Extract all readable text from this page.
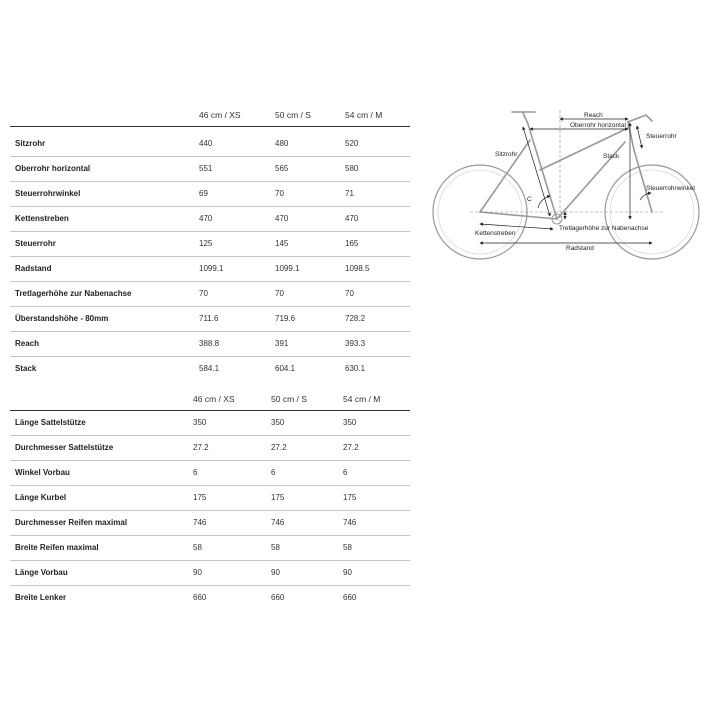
46 cm / XS	50 cm / S	54 cm / M
Sitzrohr	440	480	520
Oberrohr horizontal	551	565	580
Steuerrohrwinkel	69	70	71
Kettenstreben	470	470	470
Steuerrohr	125	145	165
Radstand	1099.1	1099.1	1098.5
Tretlagerhöhe zur Nabenachse	70	70	70
Überstandshöhe - 80mm	711.6	719.6	728.2
Reach	388.8	391	393.3
Stack	584.1	604.1	630.1
46 cm / XS	50 cm / S	54 cm / M
Länge Sattelstütze	350	350	350
Durchmesser Sattelstütze	27.2	27.2	27.2
Winkel Vorbau	6	6	6
Länge Kurbel	175	175	175
Durchmesser Reifen maximal	746	746	746
Breite Reifen maximal	58	58	58
Länge Vorbau	90	90	90
Breite Lenker	660	660	660
Reach
Oberrohr horizontal
Steuerrohr
Sitzrohr	Stack
Steuerrohrwinkel
C
Kettenstreben
Tretlagerhöhe zur Nabenachse
Radstand
